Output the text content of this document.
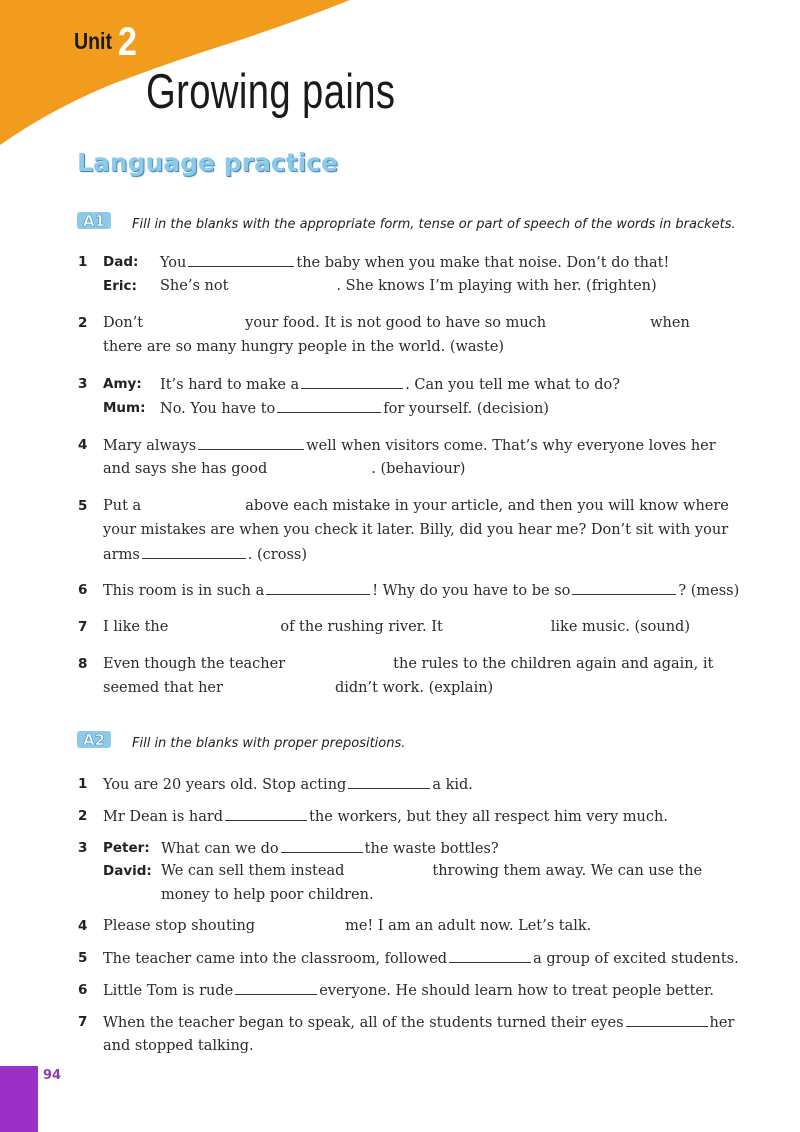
Unit 2
Growing pains
Language practice
A1 Fill in the blanks with the appropriate form, tense or part of speech of the words in brackets.
1 Dad: You	the baby when you make that noise. Don’t do that!
Eric: She’s not	. She knows I’m playing with her. (frighten)
2 Don’t	your food. It is not good to have so much	when
there are so many hungry people in the world. (waste)
3 Amy: It’s hard to make a	. Can you tell me what to do?
Mum: No. You have to	for yourself. (decision)
4 Mary always	well when visitors come. That’s why everyone loves her
and says she has good	. (behaviour)
5 Put a	above each mistake in your article, and then you will know where
your mistakes are when you check it later. Billy, did you hear me? Don’t sit with your
arms	. (cross)
6 This room is in such a	! Why do you have to be so	? (mess)
7 I like the	of the rushing river. It	like music. (sound)
8 Even though the teacher	the rules to the children again and again, it
seemed that her	didn’t work. (explain)
A2 Fill in the blanks with proper prepositions.
1 You are 20 years old. Stop acting	a kid.
2 Mr Dean is hard	the workers, but they all respect him very much.
3 Peter: What can we do	the waste bottles?
David: We can sell them instead	throwing them away. We can use the
money to help poor children.
4 Please stop shouting	me! I am an adult now. Let’s talk.
5 The teacher came into the classroom, followed	a group of excited students.
6 Little Tom is rude	everyone. He should learn how to treat people better.
7 When the teacher began to speak, all of the students turned their eyes	her
and stopped talking.
94
